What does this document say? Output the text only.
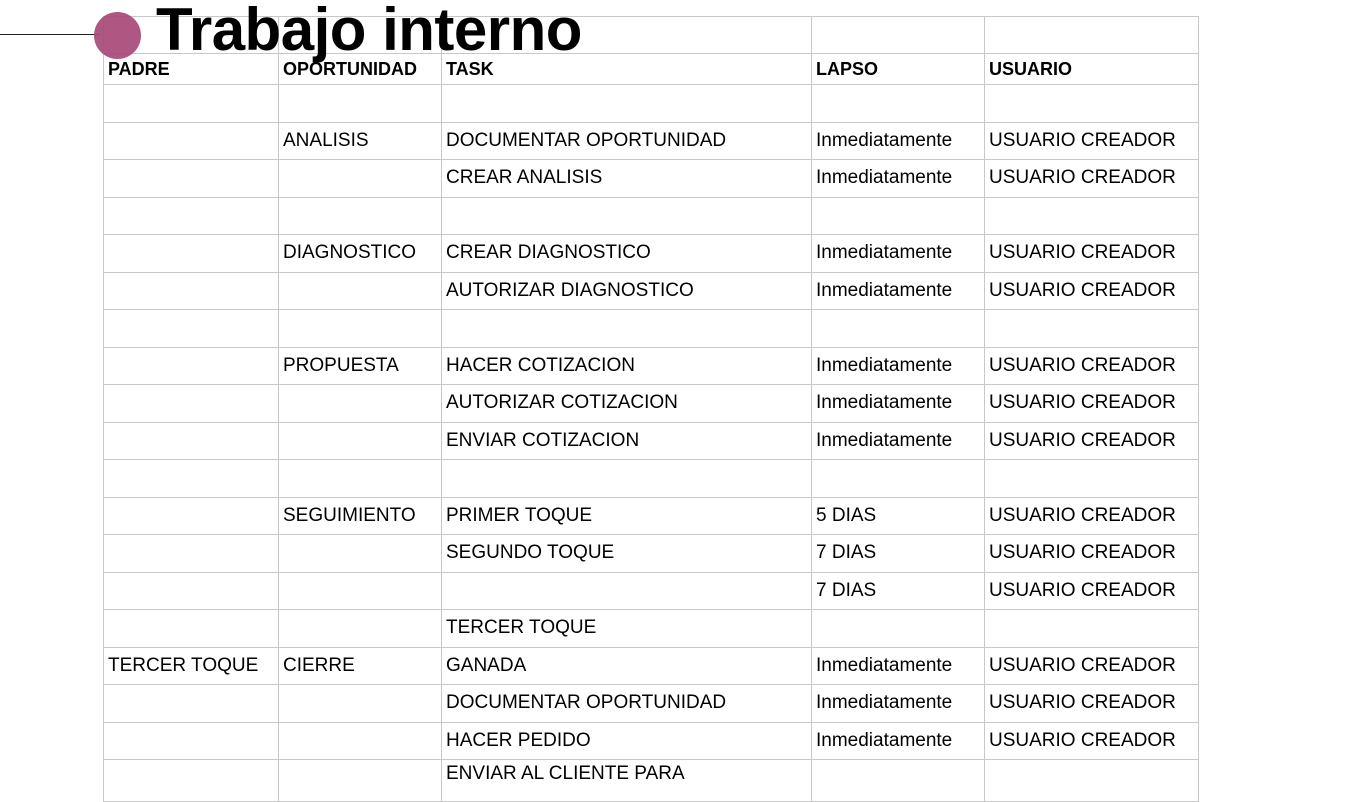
PADRE	OPORTUNIDAD	TASK	LAPSO	USUARIO

	ANALISIS	DOCUMENTAR OPORTUNIDAD	Inmediatamente	USUARIO CREADOR
		CREAR ANALISIS	Inmediatamente	USUARIO CREADOR

	DIAGNOSTICO	CREAR DIAGNOSTICO	Inmediatamente	USUARIO CREADOR
		AUTORIZAR DIAGNOSTICO	Inmediatamente	USUARIO CREADOR

	PROPUESTA	HACER COTIZACION	Inmediatamente	USUARIO CREADOR
		AUTORIZAR COTIZACION	Inmediatamente	USUARIO CREADOR
		ENVIAR COTIZACION	Inmediatamente	USUARIO CREADOR

	SEGUIMIENTO	PRIMER TOQUE	5 DIAS	USUARIO CREADOR
		SEGUNDO TOQUE	7 DIAS	USUARIO CREADOR
			7 DIAS	USUARIO CREADOR
		TERCER TOQUE		
TERCER TOQUE	CIERRE	GANADA	Inmediatamente	USUARIO CREADOR
		DOCUMENTAR OPORTUNIDAD	Inmediatamente	USUARIO CREADOR
		HACER PEDIDO	Inmediatamente	USUARIO CREADOR
		ENVIAR AL CLIENTE PARA		
Trabajo interno
